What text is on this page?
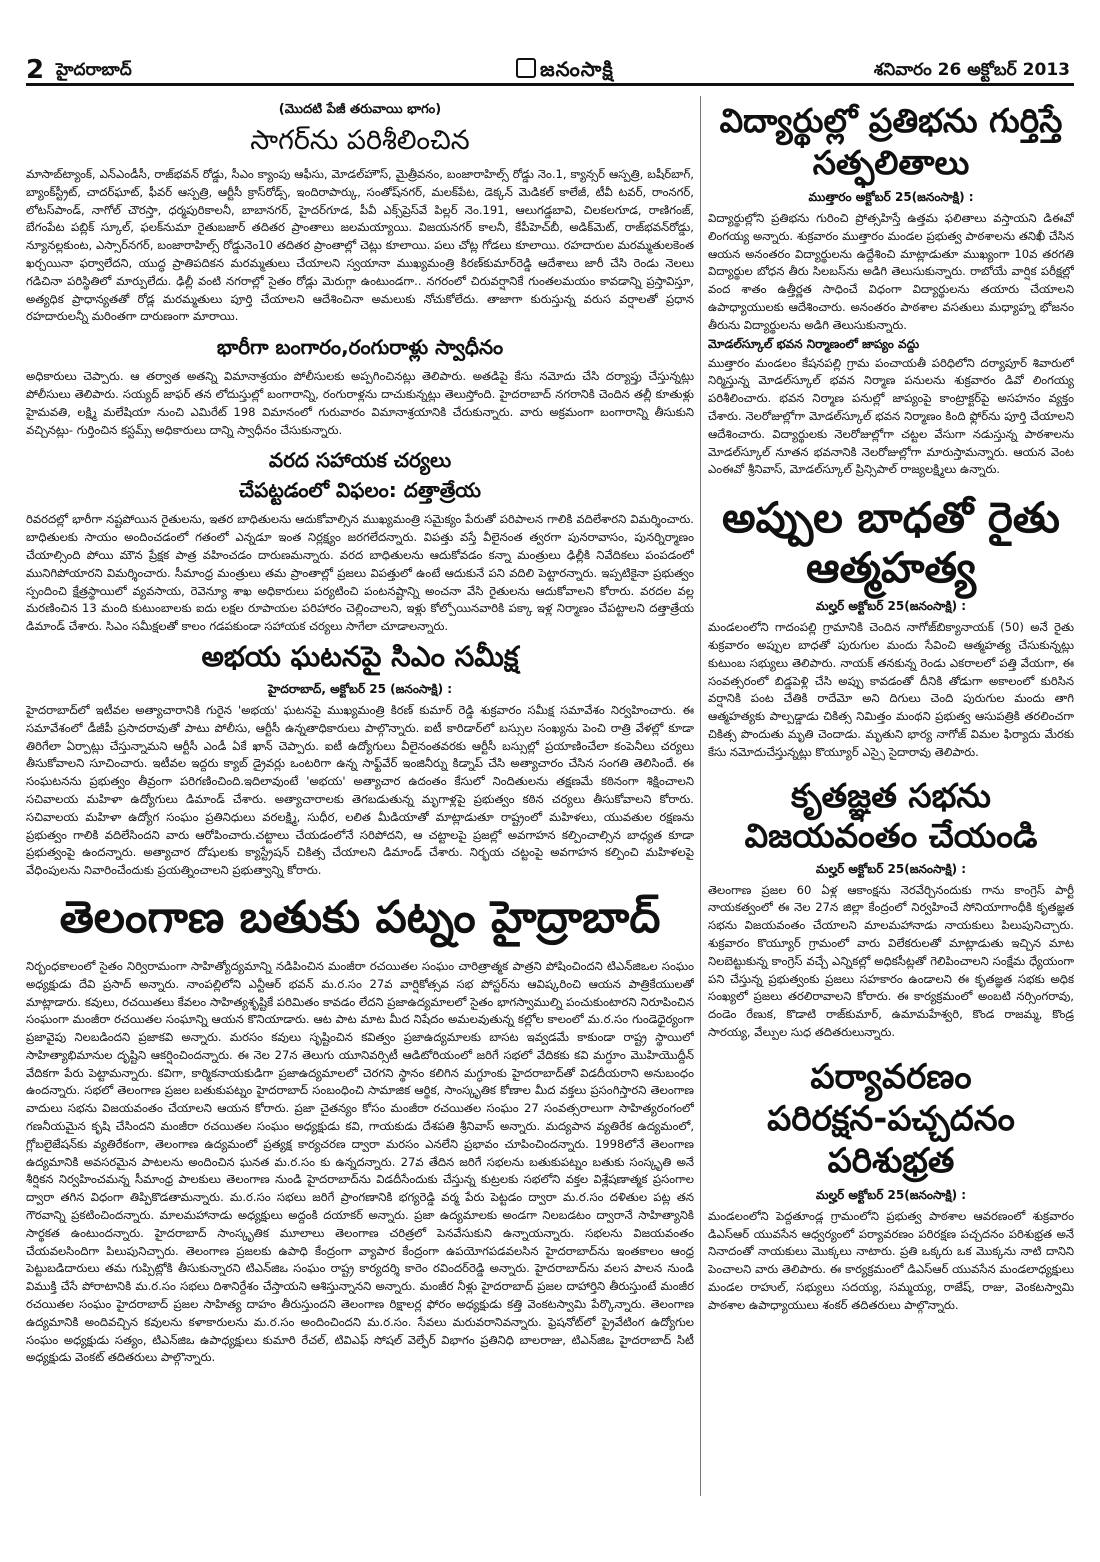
2 హైదరాబాద్	జనంసాక్షి	శనివారం 26 అక్టోబర్ 2013
(మొదటి పేజీ తరువాయి భాగం)
సాగర్‌ను పరిశీలించిన

మాసాబ్‌ట్యాంక్, ఎన్‌ఎండీసీ, రాజ్‌భవన్ రోడ్డు, సీఎం క్యాంపు ఆఫీసు, మోడల్‌హౌస్, మైత్రీవనం, బంజారాహిల్స్ రోడ్డు నెం.1, క్యాన్సర్ ఆస్పత్రి, బషీర్‌బాగ్, బ్యాంక్‌స్ట్రీట్, చాదర్‌ఘాట్, ఫీవర్ ఆస్పత్రి, ఆర్టీసీ క్రాస్‌రోడ్స్, ఇందిరాపార్కు, సంతోష్‌నగర్, మలక్‌పేట, డెక్కన్ మెడికల్ కాలేజీ, టీవీ టవర్, రాంనగర్, లోటస్‌పాండ్, నాగోల్ చౌరస్తా, ధర్మపురికాలనీ, బాబానగర్, హైదర్‌గూడ, పీవీ ఎక్స్‌ప్రెస్‌వే పిల్లర్ నెం.191, ఆలుగడ్డబావి, చిలకలగూడ, రాణిగంజ్, బేగంపేట పబ్లిక్ స్కూల్, ఫలక్‌నుమా రైతుబజార్ తదితర ప్రాంతాలు జలమయ్యాయి. విజయనగర్ కాలనీ, కేపీహెచ్‌బీ, అడిక్‌మెట్, రాజ్‌భవన్‌రోడ్డు, న్యూనల్లకుంట, ఎస్సార్‌నగర్, బంజారాహిల్స్ రోడ్డునెం10 తదితర ప్రాంతాల్లో చెట్లు కూలాయి. పలు చోట్ల గోడలు కూలాయి. రహదారుల మరమ్మతులకెంత ఖర్చయినా ఫర్వాలేదని, యుద్ధ ప్రాతిపదికన మరమ్మతులు చేయాలని స్వయానా ముఖ్యమంత్రి కిరణ్‌కుమార్‌రెడ్డి ఆదేశాలు జారీ చేసి రెండు నెలలు గడిచినా పరిస్థితిలో మార్పులేదు. ఢిల్లీ వంటి నగరాల్లో సైతం రోడ్లు మెరుగ్గా ఉంటుండగా.. నగరంలో చిరువర్షానికే గుంతలమయం కావడాన్ని ప్రస్తావిస్తూ, అత్యధిక ప్రాధాన్యతతో రోడ్ల మరమ్మతులు పూర్తి చేయాలని ఆదేశించినా అమలుకు నోచుకోలేదు. తాజాగా కురుస్తున్న వరుస వర్షాలతో ప్రధాన రహదారులన్నీ మరింతగా దారుణంగా మారాయి.

భారీగా బంగారం,రంగురాళ్లు స్వాధీనం

అధికారులు చెప్పారు. ఆ తర్వాత అతన్ని విమానాశ్రయం పోలీసులకు అప్పగించినట్లు తెలిపారు. అతడిపై కేసు నమోదు చేసి దర్యాప్తు చేస్తున్నట్లు పోలీసులు తెలిపారు. సయ్యద్ జాఫర్ తన లోదుస్తుల్లో బంగారాన్ని, రంగురాళ్లను దాచుకున్నట్లు తెలుస్తోంది. హైదరాబాద్ నగరానికి చెందిన తల్లీ కూతుళ్లు హైమవతి, లక్ష్మి మలేషియా నుంచి ఎమిరేట్ 198 విమానంలో గురువారం విమానాశ్రయానికి చేరుకున్నారు. వారు అక్రమంగా బంగారాన్ని తీసుకుని వచ్చినట్లు- గుర్తించిన కస్టమ్స్ అధికారులు దాన్ని స్వాధీనం చేసుకున్నారు.

వరద సహాయక చర్యలు
చేపట్టడంలో విఫలం: దత్తాత్రేయ

రివరదల్లో భారీగా నష్టపోయిన రైతులను, ఇతర బాధితులను ఆదుకోవాల్సిన ముఖ్యమంత్రి సమైక్యం పేరుతో పరిపాలన గాలికి వదిలేశారని విమర్శించారు. బాధితులకు సాయం అందించడంలో గతంలో ఎన్నడూ ఇంత నిర్లక్ష్యం జరగలేదన్నారు. విపత్తు వస్తే వీలైనంత త్వరగా పునరావాసం, పునర్నిర్మాణం చేయాల్సింది పోయి మౌన ప్రేక్షక పాత్ర వహించడం దారుణమన్నారు. వరద బాధితులను ఆదుకోవడం కన్నా మంత్రులు ఢిల్లీకి నివేదికలు పంపడంలో మునిగిపోయారని విమర్శించారు. సీమాంధ్ర మంత్రులు తమ ప్రాంతాల్లో ప్రజలు విపత్తులో ఉంటే ఆదుకునే పని వదిలి పెట్టారన్నారు. ఇప్పటికైనా ప్రభుత్వం స్పందించి క్షేత్రస్థాయిలో వ్యవసాయ, రెవెన్యూ శాఖ అధికారులు పర్యటించి పంటనష్టాన్ని అంచనా వేసి రైతులను ఆదుకోవాలని కోరారు. వరదల వల్ల మరణించిన 13 మంది కుటుంబాలకు ఐదు లక్షల రూపాయల పరిహారం చెల్లించాలని, ఇళ్లు కోల్పోయినవారికి పక్కా ఇళ్ల నిర్మాణం చేపట్టాలని దత్తాత్రేయ డిమాండ్ చేశారు. సిఎం సమీక్షలతో కాలం గడపకుండా సహాయక చర్యలు సాగేలా చూడాలన్నారు.

అభయ ఘటనపై సిఎం సమీక్ష
హైదరాబాద్, అక్టోబర్ 25 (జనంసాక్షి) :

హైదరాబాద్‌లో ఇటీవల అత్యాచారానికి గురైన 'అభయ' ఘటనపై ముఖ్యమంత్రి కిరణ్ కుమార్ రెడ్డి శుక్రవారం సమీక్ష సమావేశం నిర్వహించారు. ఈ సమావేశంలో డీజీపీ ప్రసాదరావుతో పాటు పోలీసు, ఆర్టీసీ ఉన్నతాధికారులు పాల్గొన్నారు. ఐటీ కారిడార్‌లో బస్సుల సంఖ్యను పెంచి రాత్రి వేళల్లో కూడా తిరిగేలా ఏర్పాట్లు చేస్తున్నామని ఆర్టీసీ ఎండీ ఏకే ఖాన్ చెప్పారు. ఐటీ ఉద్యోగులు వీలైనంతవరకు ఆర్టీసీ బస్సుల్లో ప్రయాణించేలా కంపెనీలు చర్యలు తీసుకోవాలని సూచించారు. ఇటీవల ఇద్దరు క్యాబ్ డ్రైవర్లు ఒంటరిగా ఉన్న సాఫ్ట్‌వేర్ ఇంజినీర్ను కిడ్నాప్ చేసి అత్యాచారం చేసిన సంగతి తెలిసిందే. ఈ సంఘటనను ప్రభుత్వం తీవ్రంగా పరిగణించింది.ఇదిలావుంటే 'అభయ' అత్యాచార ఉదంతం కేసులో నిందితులను తక్షణమే కఠినంగా శిక్షించాలని సచివాలయ మహిళా ఉద్యోగులు డిమాండ్ చేశారు. అత్యాచారాలకు తెగబడుతున్న మృగాళ్లపై ప్రభుత్వం కఠిన చర్యలు తీసుకోవాలని కోరారు. సచివాలయ మహిళా ఉద్యోగ సంఘం ప్రతినిధులు వరలక్ష్మి, సుధీర, లలిత మీడియాతో మాట్లాడుతూ రాష్ట్రంలో మహిళలు, యువతుల రక్షణను ప్రభుత్వం గాలికి వదిలేసిందని వారు ఆరోపించారు.చట్టాలు చేయడంలోనే సరిపోదని, ఆ చట్టాలపై ప్రజల్లో అవగాహన కల్పించాల్సిన బాధ్యత కూడా ప్రభుత్వంపై ఉందన్నారు. అత్యాచార దోషులకు క్యాస్ట్రేషన్ చికిత్స చేయాలని డిమాండ్ చేశారు. నిర్భయ చట్టంపై అవగాహన కల్పించి మహిళలపై వేధింపులను నివారించేందుకు ప్రయత్నించాలని ప్రభుత్వాన్ని కోరారు.

తెలంగాణ బతుకు పట్నం హైద్రాబాద్

నిర్బంధకాలంలో సైతం నిర్విరామంగా సాహిత్యోద్యమాన్ని నడిపించిన మంజీరా రచయితల సంఘం చారిత్రాత్మక పాత్రని పోషించిందని టిఎన్‌జిఒల సంఘం అధ్యక్షుడు దేవి ప్రసాద్ అన్నారు. నాంపల్లిలోని ఎన్టీఆర్ భవన్ మ.ర.సం 27వ వార్షికోత్సవ సభ పోస్టర్‌ను ఆవిష్కరించి ఆయన పాత్రికేయులతో మాట్లాడారు. కవులు, రచయితలు కేవలం సాహిత్యశృష్టికే పరిమితం కావడం లేదని ప్రజాఉద్యమాలలో సైతం భాగస్వాముల్ని పంచుకుంటారని నిరూపించిన సంఘంగా మంజీరా రచయితల సంఘాన్ని ఆయన కొనియాడారు. ఆట పాట మాట మీద నిషేదం అమలవుతున్న కల్లోల కాలంలో మ.ర.సం గుండెధైర్యంగా ప్రజావైపు నిలబడిందని ప్రజాకవి అన్నారు. మరసం కవులు సృష్టించిన కవిత్వం ప్రజాఉద్యమాలకు బాసట ఇవ్వడమే కాకుండా రాష్ట్ర స్థాయిలో సాహిత్యాభిమానుల దృష్టిని ఆకర్షించిందన్నారు. ఈ నెల 27న తెలుగు యూనివర్సిటీ ఆడిటోరియంలో జరిగే సభలో వేదికకు కవి మగ్ధూం మొహియొద్దీన్ వేదికగా పేరు పెట్టామన్నారు. కవిగా, కార్మికనాయకుడిగా ప్రజాఉద్యమాలలో చెరగని స్థానం కలిగిన మగ్ధూంకు హైదరాబాద్‌తో విడదీయరాని అనుబంధం ఉందన్నారు. సభలో తెలంగాణ ప్రజల బతుకుపట్నం హైదరాబాద్ సంబంధించి సామాజిక ఆర్థిక, సాంస్కృతిక కోణాల మీద వక్తలు ప్రసంగిస్తారని తెలంగాణ వాదులు సభను విజయవంతం చేయాలని ఆయన కోరారు. ప్రజా చైతన్యం కోసం మంజీరా రచయితల సంఘం 27 సంవత్సరాలుగా సాహిత్యరంగంలో గణనీయమైన కృషి చేసిందని మంజీరా రచయితల సంఘం అధ్యక్షుడు కవి, గాయకుడు దేశపతి శ్రీనివాస్ అన్నారు. మద్యపాన వ్యతిరేక ఉద్యమంలో, గ్లోబలైజేషన్‌కు వ్యతిరేకంగా, తెలంగాణ ఉద్యమంలో ప్రత్యక్ష కార్యచరణ ద్వారా మరసం ఎనలేని ప్రభావం చూపించిందన్నారు. 1998లోనే తెలంగాణ ఉద్యమానికి అవసరమైన పాటలను అందించిన ఘనత మ.ర.సం కు ఉన్నదన్నారు. 27వ తేదిన జరిగే సభలను బతుకుపట్నం బతుకు సంస్కృతి అనే శీర్షికన నిర్వహించమన్న సీమాంధ్ర పాలకులు తెలంగాణ నుండి హైదరాబాద్‌ను విడదీసేందుకు చేస్తున్న కుట్రలకు సభలోని వక్తల విశ్లేషణాత్మక ప్రసంగాల ద్వారా తగిన విధంగా తిప్పికొడతామన్నారు. మ.ర.సం సభలు జరిగే ప్రాంగణానికి భగ్యరెడ్డి వర్మ పేరు పెట్టడం ద్వారా మ.ర.సం దళితుల పట్ల తన గౌరవాన్ని ప్రకటించిందన్నారు. మాలమహానాడు అధ్యక్షులు అద్దంకి దయాకర్ అన్నారు. ప్రజా ఉద్యమాలకు అండగా నిలబడటం ద్వారానే సాహిత్యానికి సార్థకత ఉంటుందన్నారు. హైదరాబాద్ సాంస్కృతిక మూలాలు తెలంగాణ చరిత్రలో పెనవేసుకుని ఉన్నాయన్నారు. సభలను విజయవంతం చేయవలసిందిగా పిలుపునిచ్చారు. తెలంగాణ ప్రజలకు ఉపాధి కేంద్రంగా వ్యాపార కేంద్రంగా ఉపయోగపడవలసిన హైదరాబాద్‌ను ఇంతకాలం ఆంధ్ర పెట్టుబడిదారులు తమ గుప్పిట్లోకి తీసుకున్నారని టిఎన్‌జిఒ సంఘం రాష్ట్ర కార్యదర్శి కారెం రవిందర్‌రెడ్డి అన్నారు. హైదరాబాద్‌ను వలస పాలన నుండి విముక్తి చేసే పోరాటానికి మ.ర.సం సభలు దిశానిర్దేశం చేస్తాయని ఆశిస్తున్నానని అన్నారు. మంజీర నీళ్లు హైదరాబాద్ ప్రజల దాహార్తిని తీరుస్తుంటే మంజీర రచయితల సంఘం హైదరాబాద్ ప్రజల సాహిత్య దాహం తీరుస్తుందని తెలంగాణ రిక్షాలర్ల ఫోరం అధ్యక్షుడు కత్తి వెంకటస్వామి పేర్కొన్నారు. తెలంగాణ ఉద్యమానికి అందివచ్చిన కవులను కళాకారులను మ.ర.సం అందించిందని మ.ర.సం. సేవలు మరువరానివన్నారు. ఫ్రెషనోట్‌లో ప్రైవేటింగ ఉద్యోగుల సంఘం అధ్యక్షుడు సత్యం, టిఎన్‌జిఒ ఉపాధ్యక్షులు కుమారి రేచల్, టివిఎఫ్ సోషల్ వెల్ఫేర్ విభాగం ప్రతినిధి బాలరాజు, టిఎన్‌జిఒ హైదరాబాద్ సిటీ అధ్యక్షుడు వెంకట్ తదితరులు పాల్గొన్నారు.

విద్యార్థుల్లో ప్రతిభను గుర్తిస్తే
సత్ఫలితాలు
ముత్తారం అక్టోబర్ 25(జనంసాక్షి) :

విద్యార్థుల్లోని ప్రతిభను గురించి ప్రోత్సహిస్తే ఉత్తమ ఫలితాలు వస్తాయని డిఈవో లింగయ్య అన్నారు. శుక్రవారం ముత్తారం మండల ప్రభుత్వ పాఠశాలను తనిఖీ చేసిన ఆయన అనంతరం విద్యార్థులను ఉద్దేశించి మాట్లాడుతూ ముఖ్యంగా 10వ తరగతి విద్యార్థుల బోధన తీరు సిలబస్‌ను అడిగి తెలుసుకున్నారు. రాబోయే వార్షిక పరీక్షల్లో వంద శాతం ఉత్తీర్ణత సాధించే విధంగా విద్యార్థులను తయారు చేయాలని ఉపాధ్యాయులకు ఆదేశించారు. అనంతరం పాఠశాల వసతులు మధ్యాహ్న భోజనం తీరును విద్యార్థులను అడిగి తెలుసుకున్నారు.

మోడల్‌స్కూల్ భవన నిర్మాణంలో జాప్యం వద్దు

ముత్తారం మండలం కేషనపల్లి గ్రామ పంచాయతీ పరిధిలోని దర్యాపూర్ శివారులో నిర్మిస్తున్న మోడల్‌స్కూల్ భవన నిర్మాణ పనులను శుక్రవారం డివో లింగయ్య పరిశీలించారు. భవన నిర్మాణ పనుల్లో జాప్యంపై కాంట్రాక్టర్‌పై అసహనం వ్యక్తం చేశారు. నెలరోజుల్లోగా మోడల్‌స్కూల్ భవన నిర్మాణం కింది ఫ్లోర్‌ను పూర్తి చేయాలని ఆదేశించారు. విద్యార్థులకు నెలరోజుల్లోగా చట్టల వేసుగా నడుస్తున్న పాఠశాలను మోడల్‌స్కూల్ నూతన భవనానికి నెలరోజుల్లోగా మారుస్తామన్నారు. ఆయన వెంట ఎంఈవో శ్రీనివాస్, మోడల్‌స్కూల్ ప్రిన్సిపాల్ రాజ్యలక్ష్మిలు ఉన్నారు.

అప్పుల బాధతో రైతు
ఆత్మహత్య
మల్హర్ అక్టోబర్ 25(జనంసాక్షి) :

మండలంలోని గాదంపల్లి గ్రామానికి చెందిన నాగోజ్‌బిక్యానాయక్ (50) అనే రైతు శుక్రవారం అప్పుల బాధతో పురుగుల మందు సేవించి ఆత్మహత్య చేసుకున్నట్లు కుటుంబ సభ్యులు తెలిపారు. నాయక్ తనకున్న రెండు ఎకరాలలో పత్తి వేయగా, ఈ సంవత్సరంలో బిడ్డపెళ్లి చేసి అప్పు కావడంతో దీనికి తోడుగా అకాలంలో కురిసిన వర్షానికి పంట చేతికి రాదేమో అని దిగులు చెంది పురుగుల మందు తాగి ఆత్మహత్యకు పాల్పడ్డాడు చికిత్స నిమిత్తం మంథని ప్రభుత్వ ఆసుపత్రికి తరలించగా చికిత్స పొందుతు మృతి చెందాడు. మృతుని భార్య నాగోజ్ విమల ఫిర్యాదు మేరకు కేసు నమోదుచేస్తున్నట్లు కొయ్యూర్ ఎస్సై సైదారావు తెలిపారు.

కృతజ్ఞత సభను
విజయవంతం చేయండి
మల్హర్ అక్టోబర్ 25(జనంసాక్షి) :

తెలంగాణ ప్రజల 60 ఏళ్ల ఆకాంక్షను నెరవేర్చినందుకు గాను కాంగ్రెస్ పార్టీ నాయకత్వంలో ఈ నెల 27న జిల్లా కేంద్రంలో నిర్వహించే సోనియాగాంధీకి కృతజ్ఞత సభను విజయవంతం చేయాలని మాలమహానాడు నాయకులు పిలుపునిచ్చారు. శుక్రవారం కొయ్యూర్ గ్రామంలో వారు విలేకరులతో మాట్లాడుతు ఇచ్చిన మాట నిలబెట్టుకున్న కాంగ్రెస్ వచ్చే ఎన్నికల్లో అధికసీట్లతో గెలిపించాలని సంక్షేమ ధ్యేయంగా పని చేస్తున్న ప్రభుత్వంకు ప్రజలు సహకారం ఉండాలని ఈ కృతజ్ఞత సభకు అధిక సంఖ్యలో ప్రజలు తరలిరావాలని కోరారు. ఈ కార్యక్రమంలో అంబటి నర్సింగరావు, దండెం రేణుక, కొడాటి రాజ్‌కుమార్, ఉమామహేశ్వరి, కొండ రాజమ్మ, కొండ్ర సారయ్య, వేల్పుల సుధ తదితరులున్నారు.

పర్యావరణం
పరిరక్షన-పచ్చదనం
పరిశుభ్రత
మల్హర్ అక్టోబర్ 25(జనంసాక్షి) :

మండలంలోని పెద్దతూండ్ల గ్రామంలోని ప్రభుత్వ పాఠశాల ఆవరణంలో శుక్రవారం డిఎస్‌ఆర్ యువసేన ఆధ్వర్యంలో పర్యావరణం పరిరక్షణ పచ్చదనం పరిశుభ్రత అనే నినాదంతో నాయకులు మొక్కలు నాటారు. ప్రతి ఒక్కరు ఒక మొక్కను నాటి దానిని పెంచాలని వారు తెలిపారు. ఈ కార్యక్రమంలో డిఎస్‌ఆర్ యువసేన మండలాధ్యక్షులు మండల రాహుల్, సభ్యులు సదయ్య, సమ్మయ్య, రాజేష్, రాజు, వెంకటస్వామి పాఠశాల ఉపాధ్యాయులు శంకర్ తదితరులు పాల్గొన్నారు.
